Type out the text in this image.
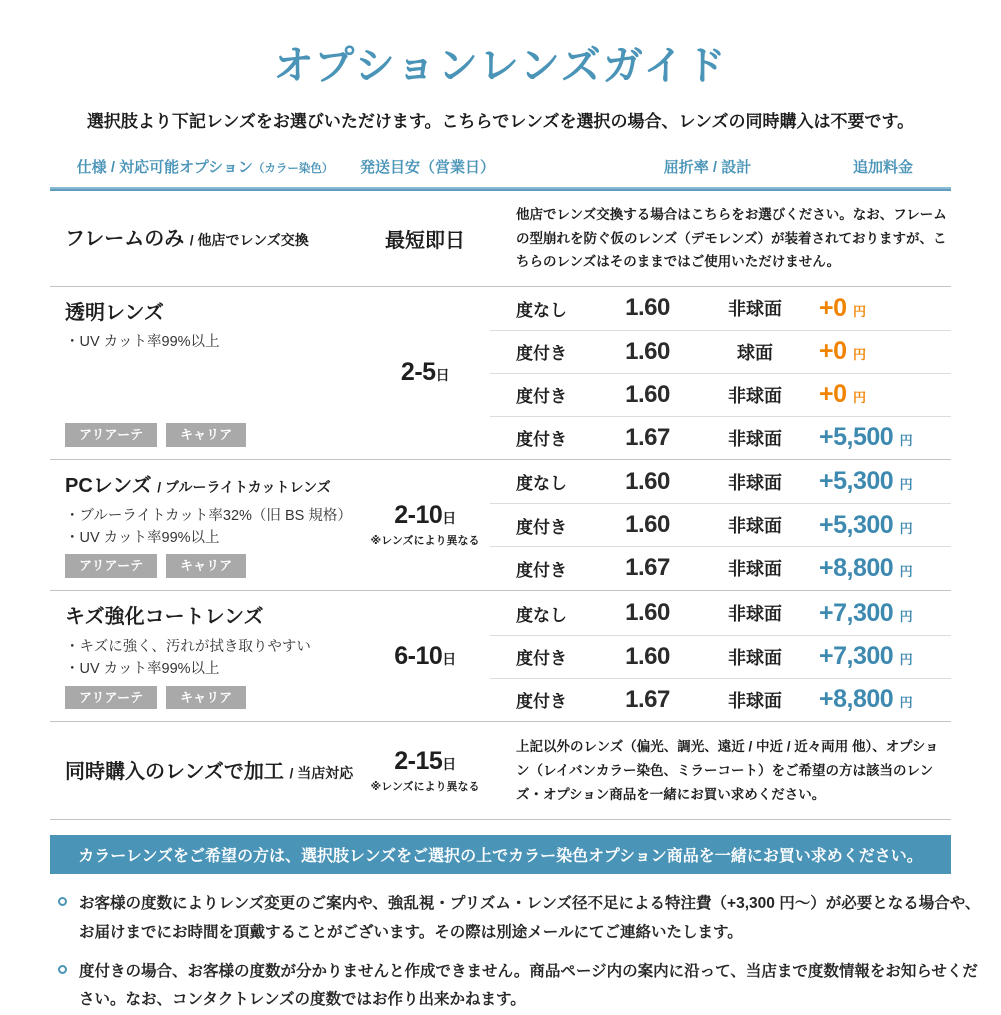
オプションレンズガイド
選択肢より下記レンズをお選びいただけます。こちらでレンズを選択の場合、レンズの同時購入は不要です。
仕様 / 対応可能オプション（カラー染色）	発送目安（営業日）	屈折率 / 設計	追加料金
フレームのみ / 他店でレンズ交換	最短即日
他店でレンズ交換する場合はこちらをお選びください。なお、フレームの型崩れを防ぐ仮のレンズ（デモレンズ）が装着されておりますが、こちらのレンズはそのままではご使用いただけません。
透明レンズ
・UV カット率99%以上
アリアーテ	キャリア
2-5日
度なし	1.60	非球面	+0 円
度付き	1.60	球面	+0 円
度付き	1.60	非球面	+0 円
度付き	1.67	非球面	+5,500 円
PCレンズ / ブルーライトカットレンズ
・ブルーライトカット率32%（旧 BS 規格）
・UV カット率99%以上
アリアーテ	キャリア
2-10日
※レンズにより異なる
度なし	1.60	非球面	+5,300 円
度付き	1.60	非球面	+5,300 円
度付き	1.67	非球面	+8,800 円
キズ強化コートレンズ
・キズに強く、汚れが拭き取りやすい
・UV カット率99%以上
アリアーテ	キャリア
6-10日
度なし	1.60	非球面	+7,300 円
度付き	1.60	非球面	+7,300 円
度付き	1.67	非球面	+8,800 円
同時購入のレンズで加工 / 当店対応 2-15日
※レンズにより異なる
上記以外のレンズ（偏光、調光、遠近 / 中近 / 近々両用 他）、オプション（レイバンカラー染色、ミラーコート）をご希望の方は該当のレンズ・オプション商品を一緒にお買い求めください。
カラーレンズをご希望の方は、選択肢レンズをご選択の上でカラー染色オプション商品を一緒にお買い求めください。
お客様の度数によりレンズ変更のご案内や、強乱視・プリズム・レンズ径不足による特注費（+3,300 円～）が必要となる場合や、お届けまでにお時間を頂戴することがございます。その際は別途メールにてご連絡いたします。
度付きの場合、お客様の度数が分かりませんと作成できません。商品ページ内の案内に沿って、当店まで度数情報をお知らせください。なお、コンタクトレンズの度数ではお作り出来かねます。
